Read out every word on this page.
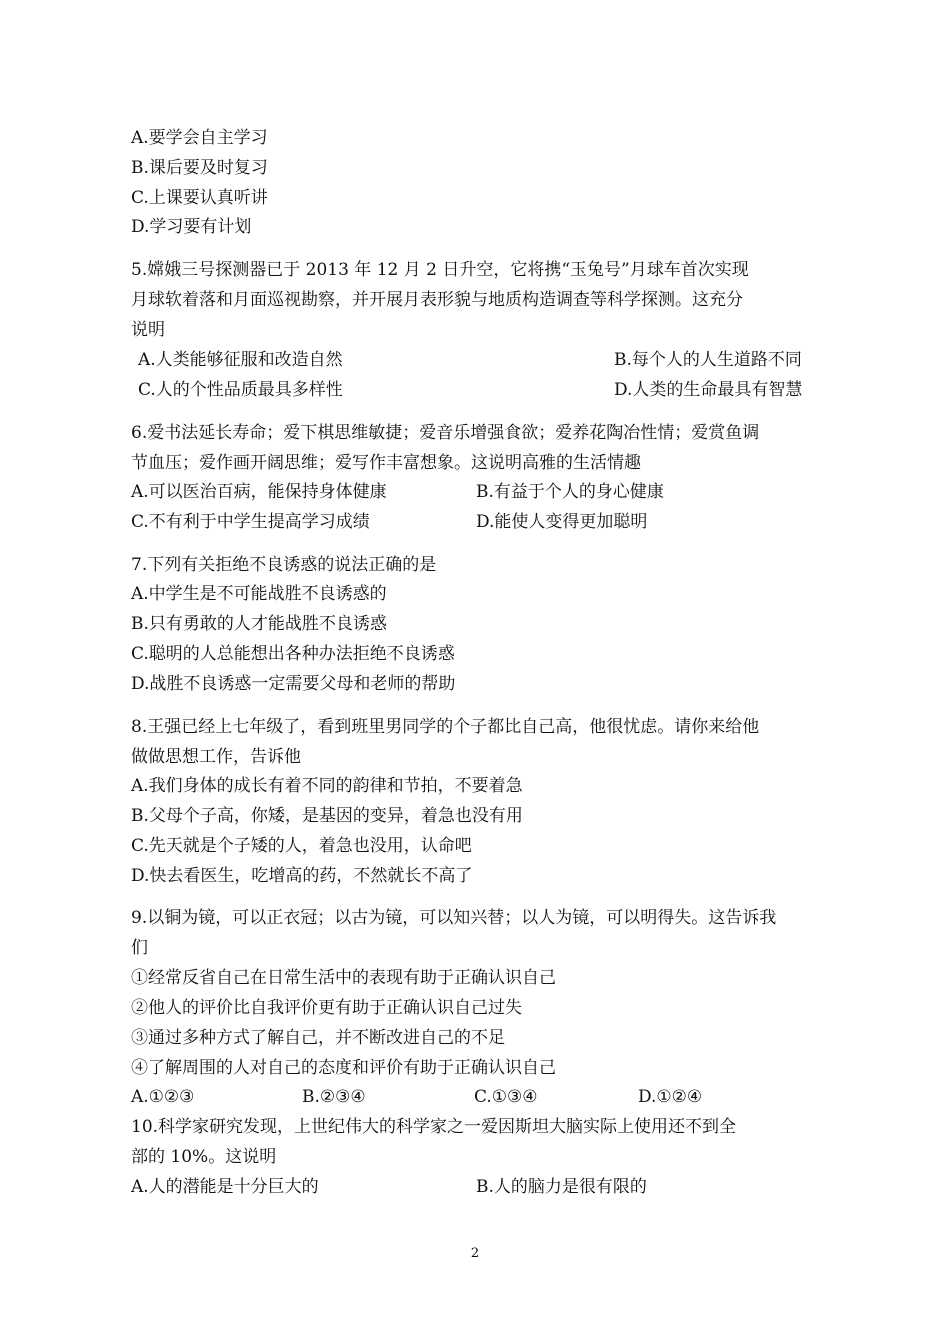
A.要学会自主学习
B.课后要及时复习
C.上课要认真听讲
D.学习要有计划
5.嫦娥三号探测器已于 2013 年 12 月 2 日升空，它将携“玉兔号”月球车首次实现
月球软着落和月面巡视勘察，并开展月表形貌与地质构造调查等科学探测。这充分
说明
A.人类能够征服和改造自然	B.每个人的人生道路不同
C.人的个性品质最具多样性	D.人类的生命最具有智慧
6.爱书法延长寿命；爱下棋思维敏捷；爱音乐增强食欲；爱养花陶冶性情；爱赏鱼调
节血压；爱作画开阔思维；爱写作丰富想象。这说明高雅的生活情趣
A.可以医治百病，能保持身体健康	B.有益于个人的身心健康
C.不有利于中学生提高学习成绩	D.能使人变得更加聪明
7.下列有关拒绝不良诱惑的说法正确的是
A.中学生是不可能战胜不良诱惑的
B.只有勇敢的人才能战胜不良诱惑
C.聪明的人总能想出各种办法拒绝不良诱惑
D.战胜不良诱惑一定需要父母和老师的帮助
8.王强已经上七年级了，看到班里男同学的个子都比自己高，他很忧虑。请你来给他
做做思想工作，告诉他
A.我们身体的成长有着不同的韵律和节拍，不要着急
B.父母个子高，你矮，是基因的变异，着急也没有用
C.先天就是个子矮的人，着急也没用，认命吧
D.快去看医生，吃增高的药，不然就长不高了
9.以铜为镜，可以正衣冠；以古为镜，可以知兴替；以人为镜，可以明得失。这告诉我
们
①经常反省自己在日常生活中的表现有助于正确认识自己
②他人的评价比自我评价更有助于正确认识自己过失
③通过多种方式了解自己，并不断改进自己的不足
④了解周围的人对自己的态度和评价有助于正确认识自己
A.①②③	B.②③④	C.①③④	D.①②④
10.科学家研究发现，上世纪伟大的科学家之一爱因斯坦大脑实际上使用还不到全
部的 10%。这说明
A.人的潜能是十分巨大的	B.人的脑力是很有限的
2
